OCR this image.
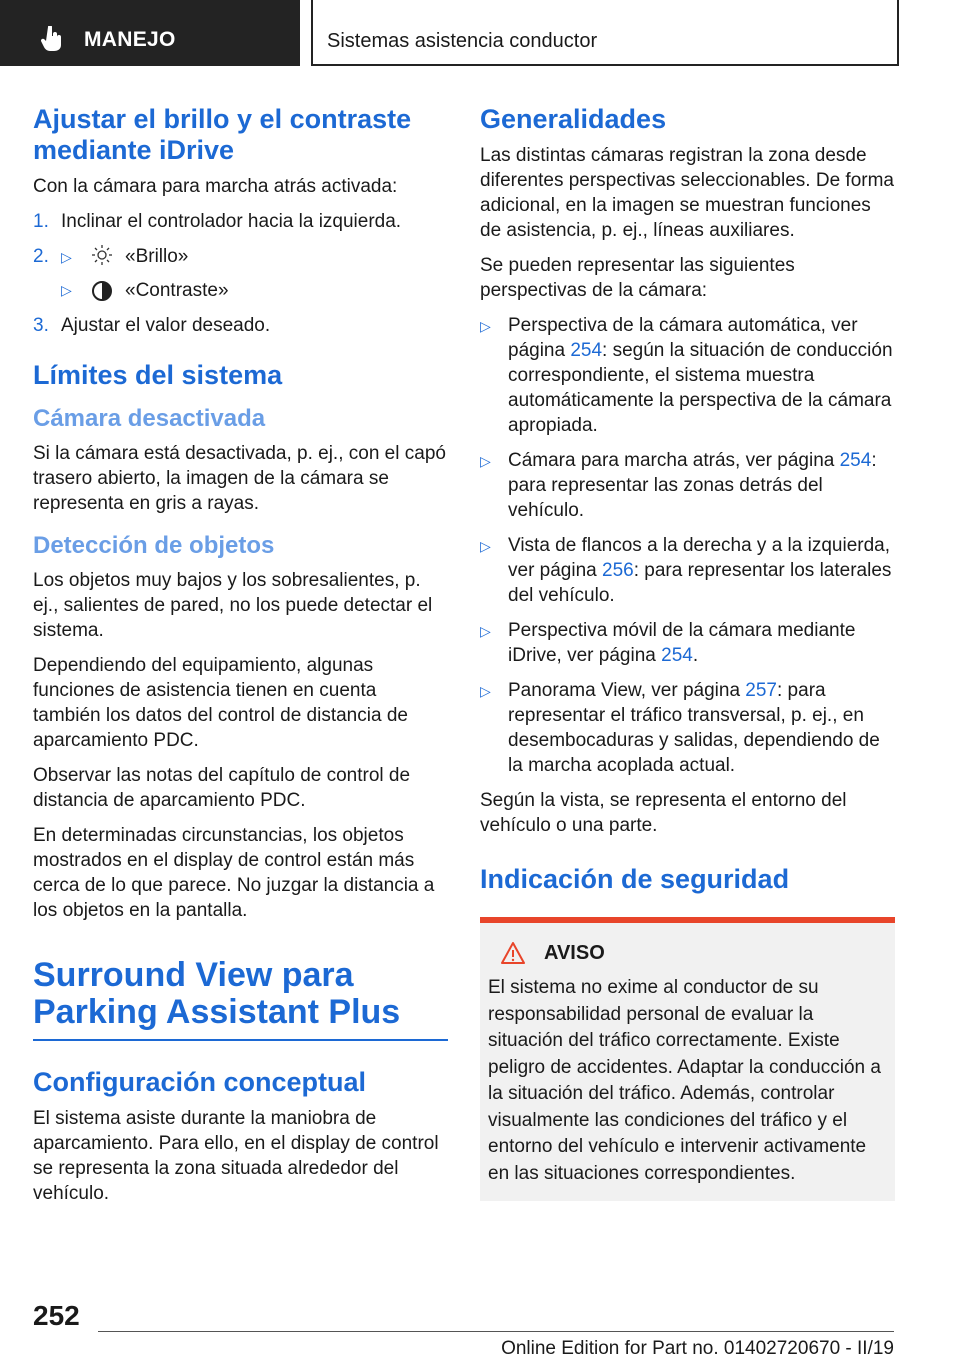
MANEJO	Sistemas asistencia conductor
Ajustar el brillo y el contraste mediante iDrive

Con la cámara para marcha atrás activada:

1. Inclinar el controlador hacia la izquierda.
2. ▷	«Brillo»
▷	«Contraste»
3. Ajustar el valor deseado.
Límites del sistema
Cámara desactivada

Si la cámara está desactivada, p. ej., con el capó trasero abierto, la imagen de la cámara se representa en gris a rayas.

Detección de objetos

Los objetos muy bajos y los sobresalientes, p. ej., salientes de pared, no los puede detectar el sistema.

Dependiendo del equipamiento, algunas funciones de asistencia tienen en cuenta también los datos del control de distancia de aparcamiento PDC.

Observar las notas del capítulo de control de distancia de aparcamiento PDC.

En determinadas circunstancias, los objetos mostrados en el display de control están más cerca de lo que parece. No juzgar la distancia a los objetos en la pantalla.

Surround View para Parking Assistant Plus
Configuración conceptual

El sistema asiste durante la maniobra de aparcamiento. Para ello, en el display de control se representa la zona situada alrededor del vehículo.

Generalidades

Las distintas cámaras registran la zona desde diferentes perspectivas seleccionables. De forma adicional, en la imagen se muestran funciones de asistencia, p. ej., líneas auxiliares.

Se pueden representar las siguientes perspectivas de la cámara:

▷ Perspectiva de la cámara automática, ver página 254: según la situación de conducción correspondiente, el sistema muestra automáticamente la perspectiva de la cámara apropiada.
▷ Cámara para marcha atrás, ver página 254: para representar las zonas detrás del vehículo.
▷ Vista de flancos a la derecha y a la izquierda, ver página 256: para representar los laterales del vehículo.
▷ Perspectiva móvil de la cámara mediante iDrive, ver página 254.
▷ Panorama View, ver página 257: para representar el tráfico transversal, p. ej., en desembocaduras y salidas, dependiendo de la marcha acoplada actual.

Según la vista, se representa el entorno del vehículo o una parte.

Indicación de seguridad
AVISO

El sistema no exime al conductor de su responsabilidad personal de evaluar la situación del tráfico correctamente. Existe peligro de accidentes. Adaptar la conducción a la situación del tráfico. Además, controlar visualmente las condiciones del tráfico y el entorno del vehículo e intervenir activamente en las situaciones correspondientes.

252
Online Edition for Part no. 01402720670 - II/19
